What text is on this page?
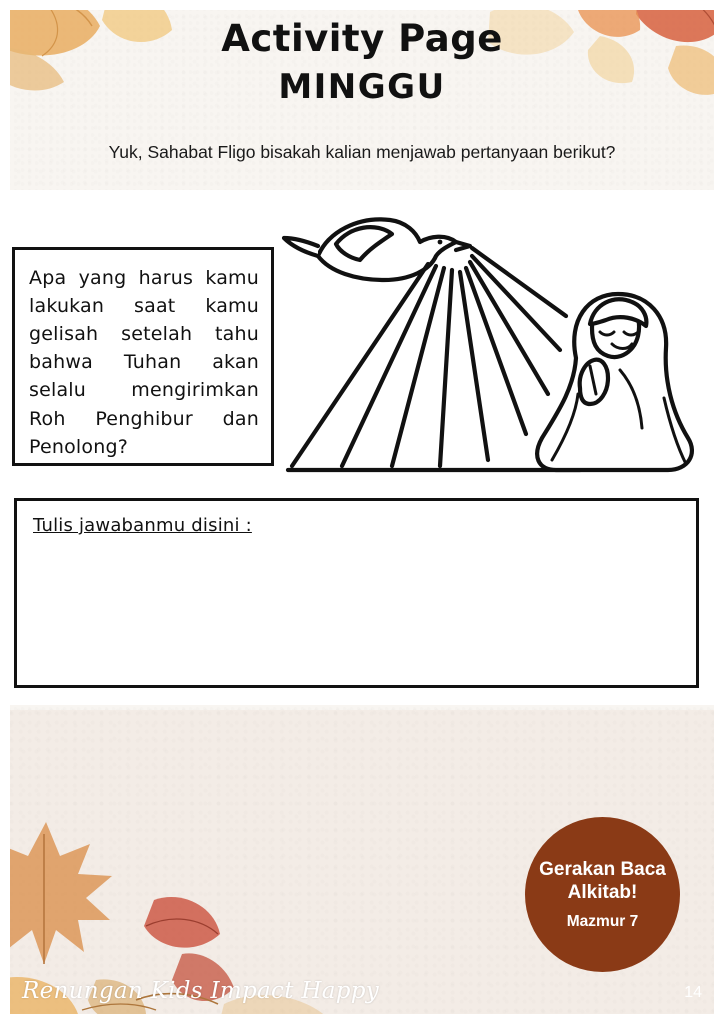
Activity Page
MINGGU
Yuk, Sahabat Fligo bisakah kalian menjawab pertanyaan berikut?
Apa yang harus kamu lakukan saat kamu gelisah setelah tahu bahwa Tuhan akan selalu mengirimkan Roh Penghibur dan Penolong?
Tulis jawabanmu disini :
Gerakan Baca Alkitab!
Mazmur 7
Renungan Kids Impact Happy	14
